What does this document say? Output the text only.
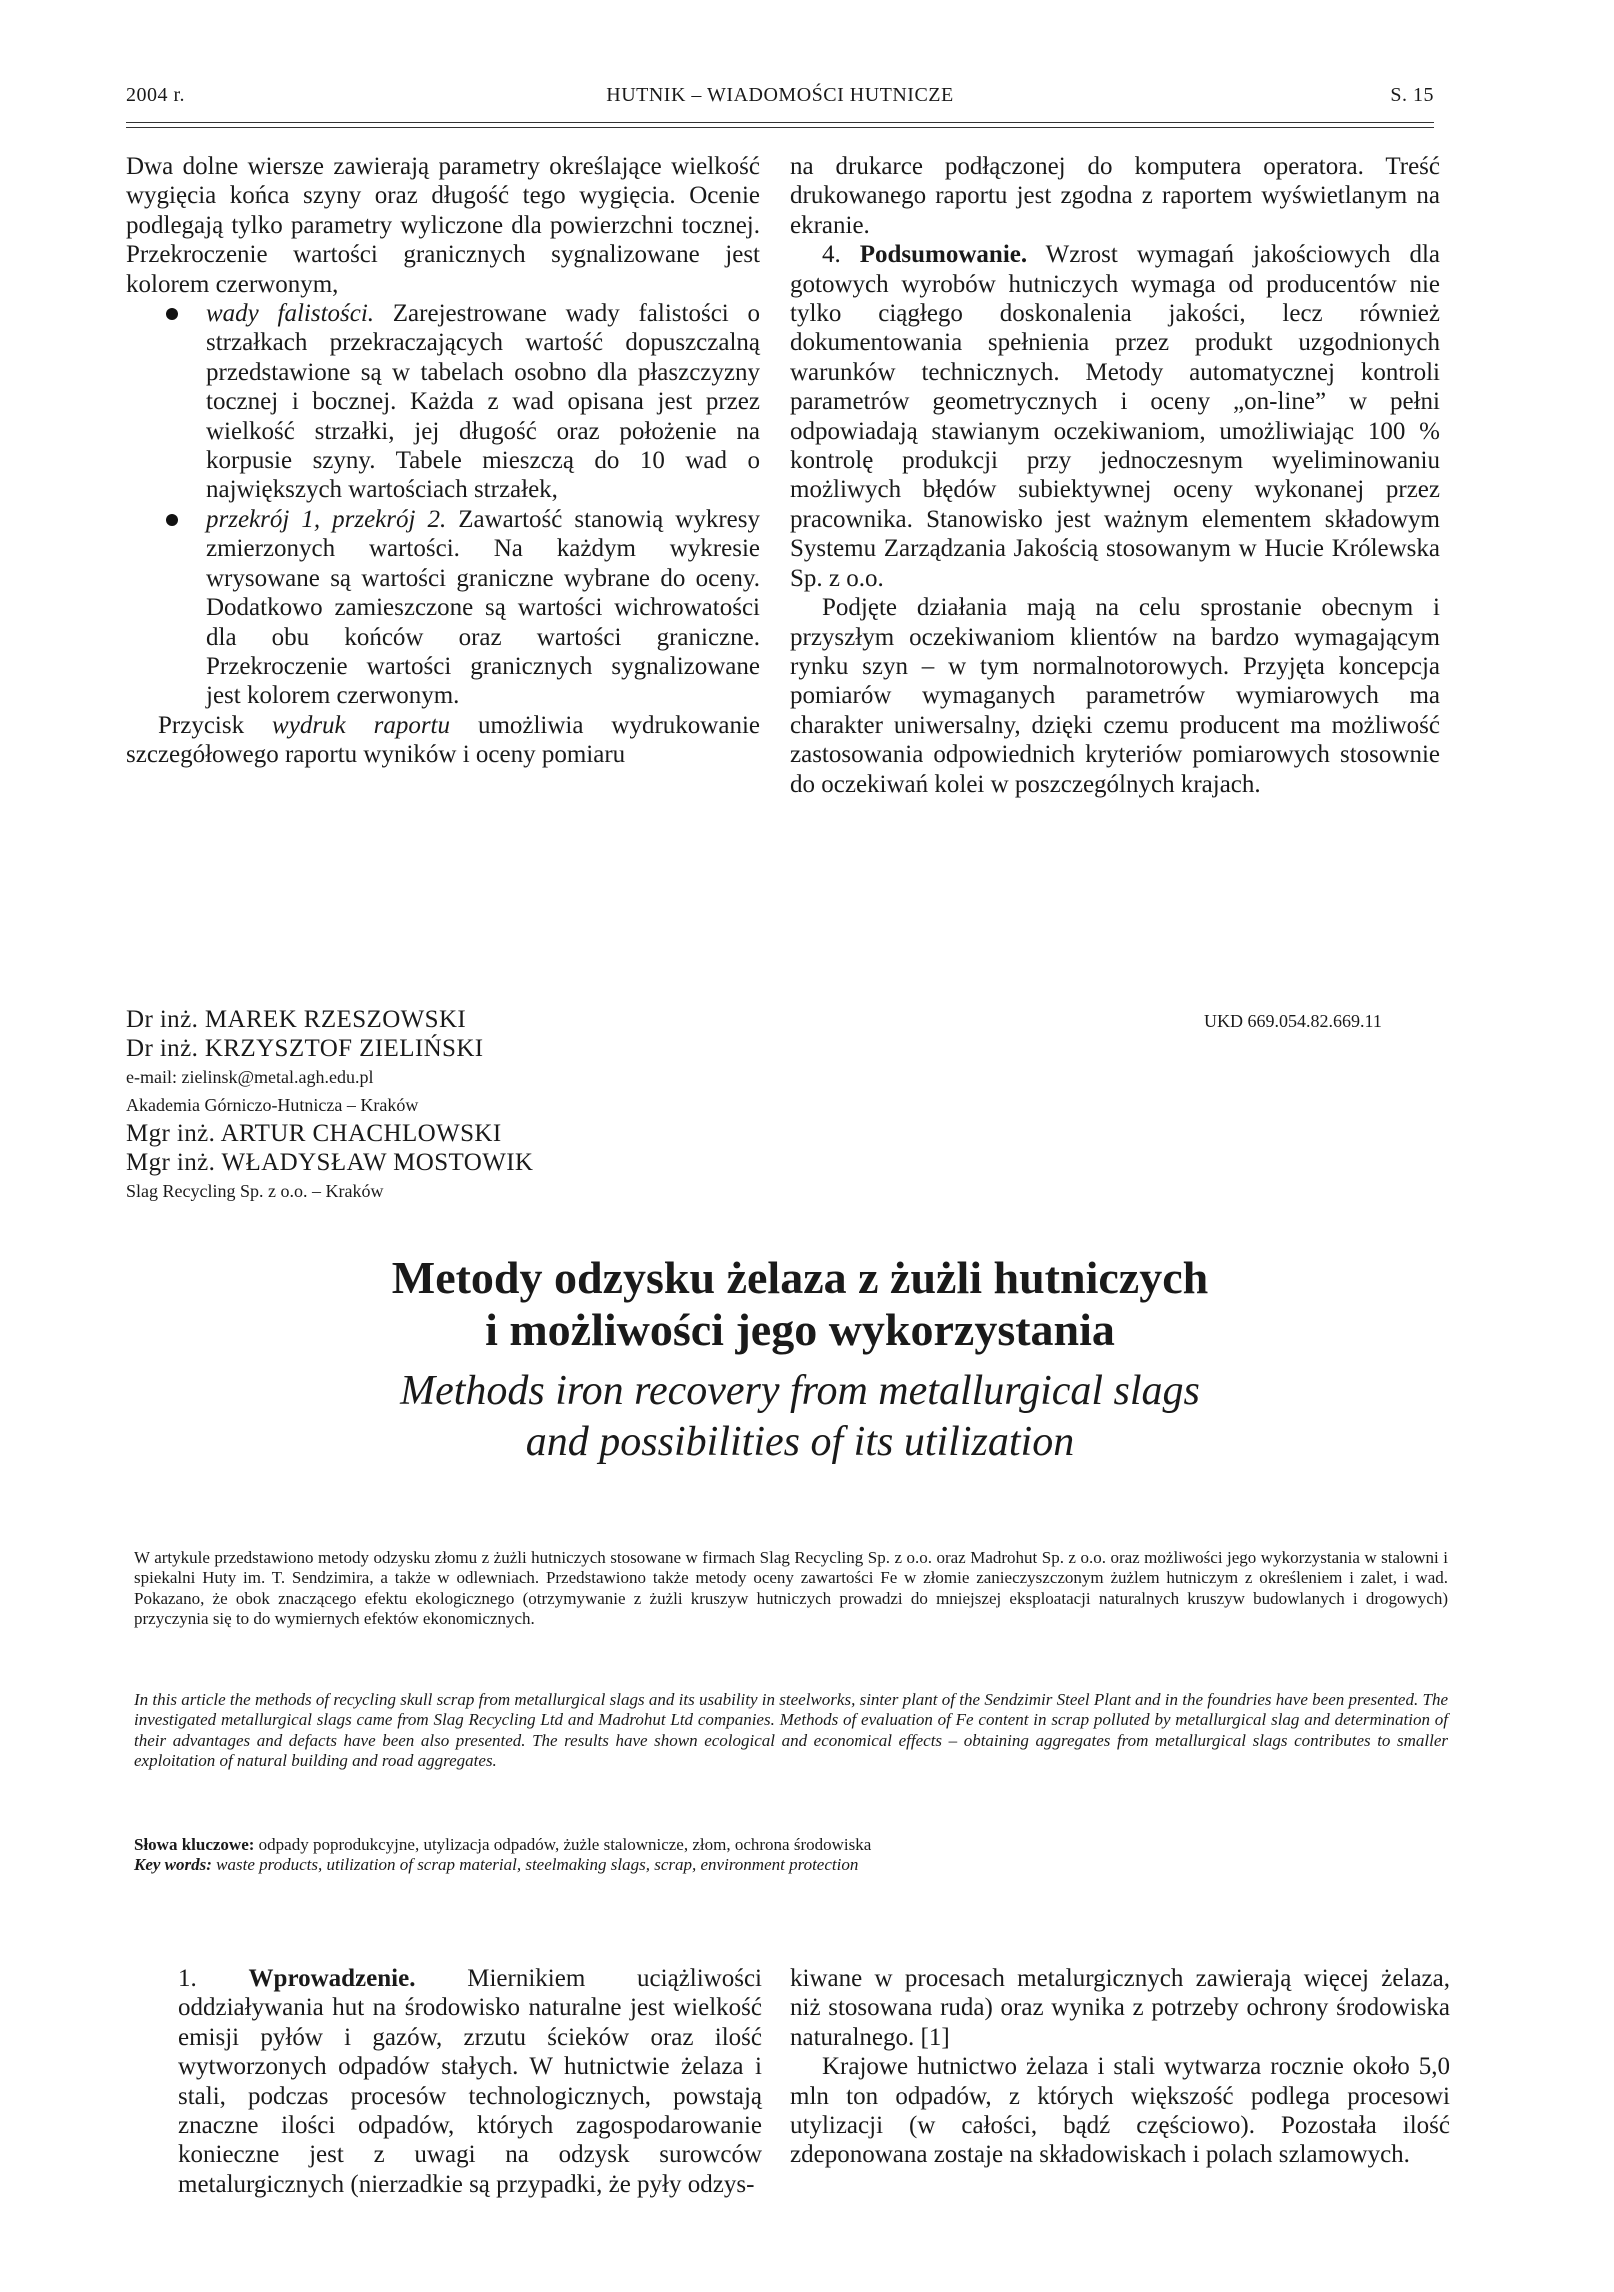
2004 r.	HUTNIK – WIADOMOŚCI HUTNICZE	S. 15

Dwa dolne wiersze zawierają parametry określające wielkość wygięcia końca szyny oraz długość tego wygięcia. Ocenie podlegają tylko parametry wyliczone dla powierzchni tocznej. Przekroczenie wartości granicznych sygnalizowane jest kolorem czerwonym,

wady falistości. Zarejestrowane wady falistości o strzałkach przekraczających wartość dopuszczalną przedstawione są w tabelach osobno dla płaszczyzny tocznej i bocznej. Każda z wad opisana jest przez wielkość strzałki, jej długość oraz położenie na korpusie szyny. Tabele mieszczą do 10 wad o największych wartościach strzałek,

przekrój 1, przekrój 2. Zawartość stanowią wykresy zmierzonych wartości. Na każdym wykresie wrysowane są wartości graniczne wybrane do oceny. Dodatkowo zamieszczone są wartości wichrowatości dla obu końców oraz wartości graniczne. Przekroczenie wartości granicznych sygnalizowane jest kolorem czerwonym.

Przycisk wydruk raportu umożliwia wydrukowanie szczegółowego raportu wyników i oceny pomiaru

na drukarce podłączonej do komputera operatora. Treść drukowanego raportu jest zgodna z raportem wyświetlanym na ekranie.

4. Podsumowanie. Wzrost wymagań jakościowych dla gotowych wyrobów hutniczych wymaga od producentów nie tylko ciągłego doskonalenia jakości, lecz również dokumentowania spełnienia przez produkt uzgodnionych warunków technicznych. Metody automatycznej kontroli parametrów geometrycznych i oceny „on-line” w pełni odpowiadają stawianym oczekiwaniom, umożliwiając 100 % kontrolę produkcji przy jednoczesnym wyeliminowaniu możliwych błędów subiektywnej oceny wykonanej przez pracownika. Stanowisko jest ważnym elementem składowym Systemu Zarządzania Jakością stosowanym w Hucie Królewska Sp. z o.o.

Podjęte działania mają na celu sprostanie obecnym i przyszłym oczekiwaniom klientów na bardzo wymagającym rynku szyn – w tym normalnotorowych. Przyjęta koncepcja pomiarów wymaganych parametrów wymiarowych ma charakter uniwersalny, dzięki czemu producent ma możliwość zastosowania odpowiednich kryteriów pomiarowych stosownie do oczekiwań kolei w poszczególnych krajach.

Dr inż. MAREK RZESZOWSKI
Dr inż. KRZYSZTOF ZIELIŃSKI
e-mail: zielinsk@metal.agh.edu.pl
Akademia Górniczo-Hutnicza – Kraków
Mgr inż. ARTUR CHACHLOWSKI
Mgr inż. WŁADYSŁAW MOSTOWIK
Slag Recycling Sp. z o.o. – Kraków
UKD 669.054.82.669.11
Metody odzysku żelaza z żużli hutniczych
i możliwości jego wykorzystania
Methods iron recovery from metallurgical slags
and possibilities of its utilization
W artykule przedstawiono metody odzysku złomu z żużli hutniczych stosowane w firmach Slag Recycling Sp. z o.o. oraz Madrohut Sp. z o.o. oraz możliwości jego wykorzystania w stalowni i spiekalni Huty im. T. Sendzimira, a także w odlewniach. Przedstawiono także metody oceny zawartości Fe w złomie zanieczyszczonym żużlem hutniczym z określeniem i zalet, i wad. Pokazano, że obok znaczącego efektu ekologicznego (otrzymywanie z żużli kruszyw hutniczych prowadzi do mniejszej eksploatacji naturalnych kruszyw budowlanych i drogowych) przyczynia się to do wymiernych efektów ekonomicznych.
In this article the methods of recycling skull scrap from metallurgical slags and its usability in steelworks, sinter plant of the Sendzimir Steel Plant and in the foundries have been presented. The investigated metallurgical slags came from Slag Recycling Ltd and Madrohut Ltd companies. Methods of evaluation of Fe content in scrap polluted by metallurgical slag and determination of their advantages and defacts have been also presented. The results have shown ecological and economical effects – obtaining aggregates from metallurgical slags contributes to smaller exploitation of natural building and road aggregates.
Słowa kluczowe: odpady poprodukcyjne, utylizacja odpadów, żużle stalownicze, złom, ochrona środowiska
Key words: waste products, utilization of scrap material, steelmaking slags, scrap, environment protection

1. Wprowadzenie. Miernikiem uciążliwości oddziaływania hut na środowisko naturalne jest wielkość emisji pyłów i gazów, zrzutu ścieków oraz ilość wytworzonych odpadów stałych. W hutnictwie żelaza i stali, podczas procesów technologicznych, powstają znaczne ilości odpadów, których zagospodarowanie konieczne jest z uwagi na odzysk surowców metalurgicznych (nierzadkie są przypadki, że pyły odzys-

kiwane w procesach metalurgicznych zawierają więcej żelaza, niż stosowana ruda) oraz wynika z potrzeby ochrony środowiska naturalnego. [1]

Krajowe hutnictwo żelaza i stali wytwarza rocznie około 5,0 mln ton odpadów, z których większość podlega procesowi utylizacji (w całości, bądź częściowo). Pozostała ilość zdeponowana zostaje na składowiskach i polach szlamowych.
